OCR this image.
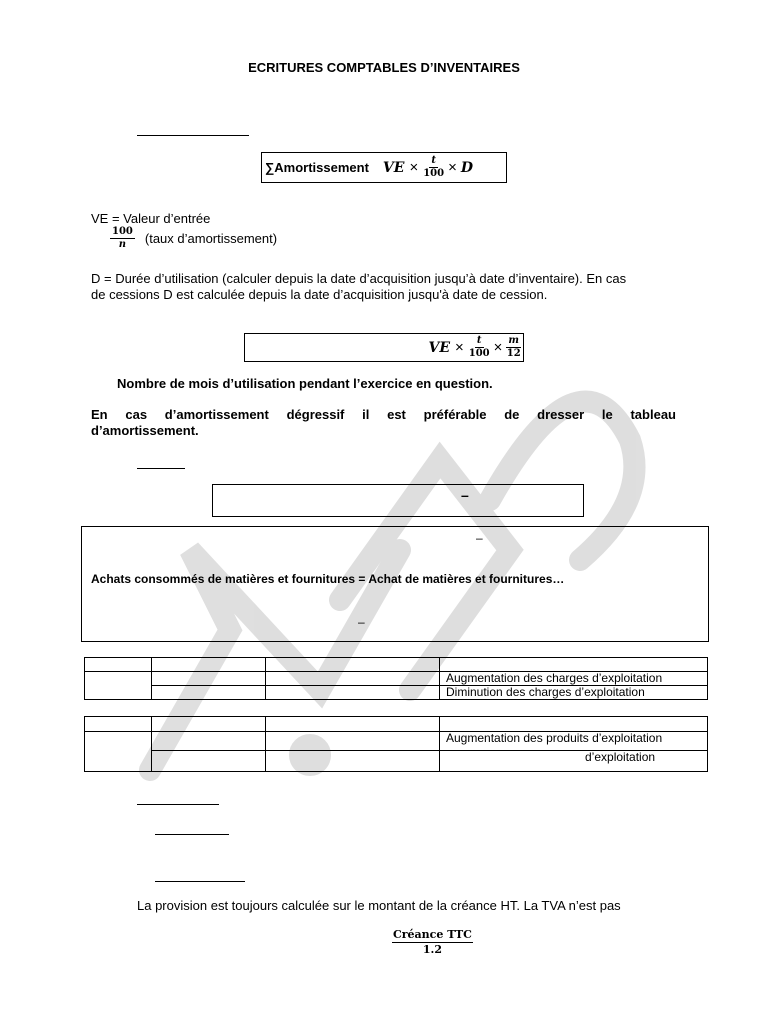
ECRITURES COMPTABLES D’INVENTAIRES
∑Amortissement VE × $\frac{t}{100} \times D$
VE = Valeur d’entrée
$\frac{100}{n}$ (taux d’amortissement)
D = Durée d’utilisation (calculer depuis la date d’acquisition jusqu’à date d’inventaire). En cas
de cessions D est calculée depuis la date d’acquisition jusqu'à date de cession.
VE × $\frac{t}{100} \times \frac{m}{12}$
Nombre de mois d’utilisation pendant l’exercice en question.
En cas d’amortissement dégressif il est préférable de dresser le tableau
d’amortissement.
–
–
Achats consommés de matières et fournitures = Achat de matières et fournitures…
–

			Augmentation des charges d’exploitation
			Diminution des charges d’exploitation

			Augmentation des produits d’exploitation
			d’exploitation
La provision est toujours calculée sur le montant de la créance HT. La TVA n’est pas
Créance TTC
1.2
